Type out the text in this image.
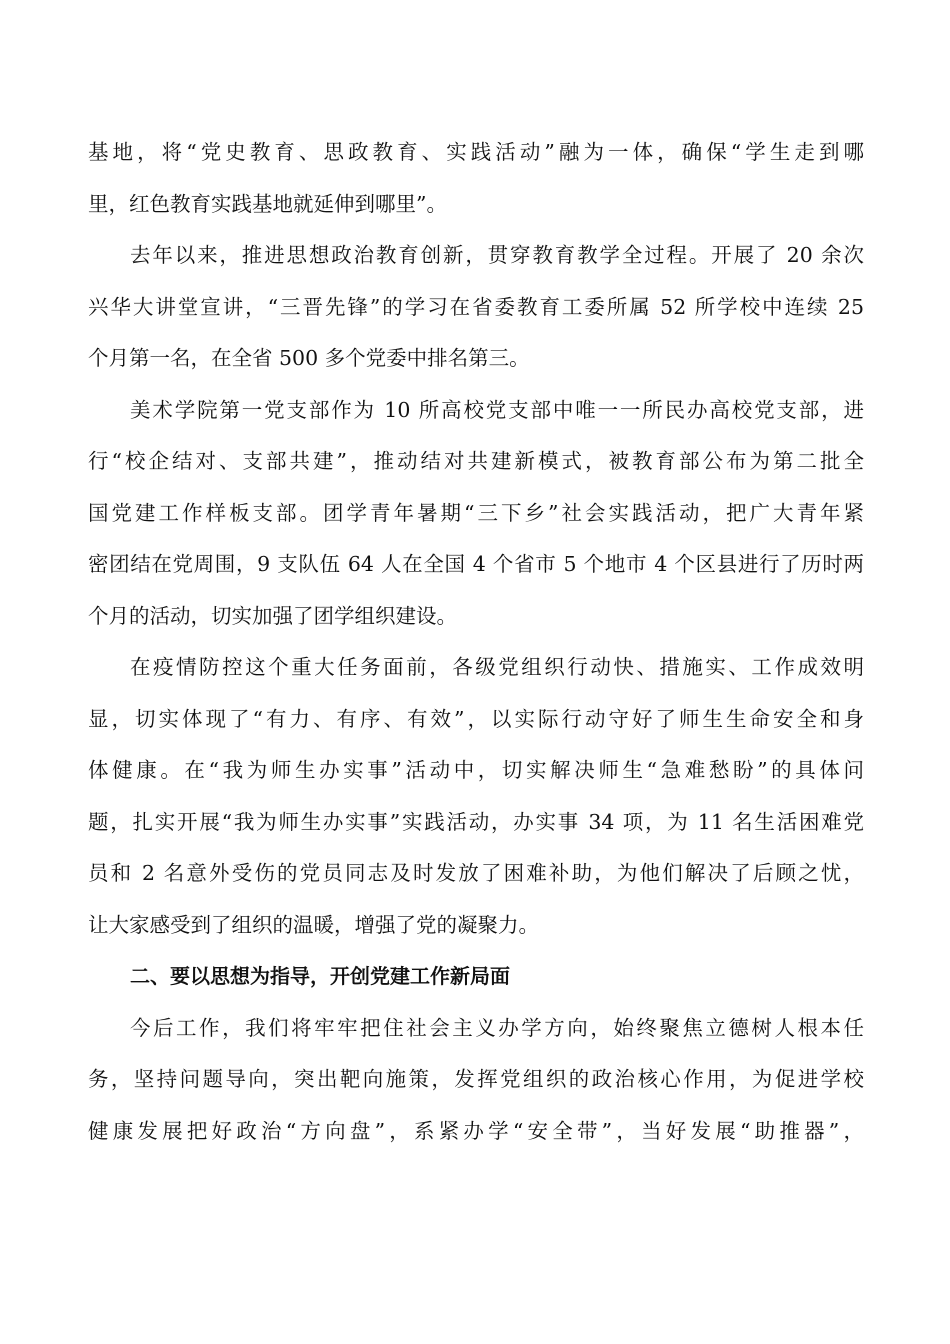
基地，将“党史教育、思政教育、实践活动”融为一体，确保“学生走到哪
里，红色教育实践基地就延伸到哪里”。
去年以来，推进思想政治教育创新，贯穿教育教学全过程。开展了 20 余次
兴华大讲堂宣讲，“三晋先锋”的学习在省委教育工委所属 52 所学校中连续 25
个月第一名，在全省 500 多个党委中排名第三。
美术学院第一党支部作为 10 所高校党支部中唯一一所民办高校党支部，进
行“校企结对、支部共建”，推动结对共建新模式，被教育部公布为第二批全
国党建工作样板支部。团学青年暑期“三下乡”社会实践活动，把广大青年紧
密团结在党周围，9 支队伍 64 人在全国 4 个省市 5 个地市 4 个区县进行了历时两
个月的活动，切实加强了团学组织建设。
在疫情防控这个重大任务面前，各级党组织行动快、措施实、工作成效明
显，切实体现了“有力、有序、有效”，以实际行动守好了师生生命安全和身
体健康。在“我为师生办实事”活动中，切实解决师生“急难愁盼”的具体问
题，扎实开展“我为师生办实事”实践活动，办实事 34 项，为 11 名生活困难党
员和 2 名意外受伤的党员同志及时发放了困难补助，为他们解决了后顾之忧，
让大家感受到了组织的温暖，增强了党的凝聚力。
二、要以思想为指导，开创党建工作新局面
今后工作，我们将牢牢把住社会主义办学方向，始终聚焦立德树人根本任
务，坚持问题导向，突出靶向施策，发挥党组织的政治核心作用，为促进学校
健康发展把好政治“方向盘”，系紧办学“安全带”，当好发展“助推器”，
